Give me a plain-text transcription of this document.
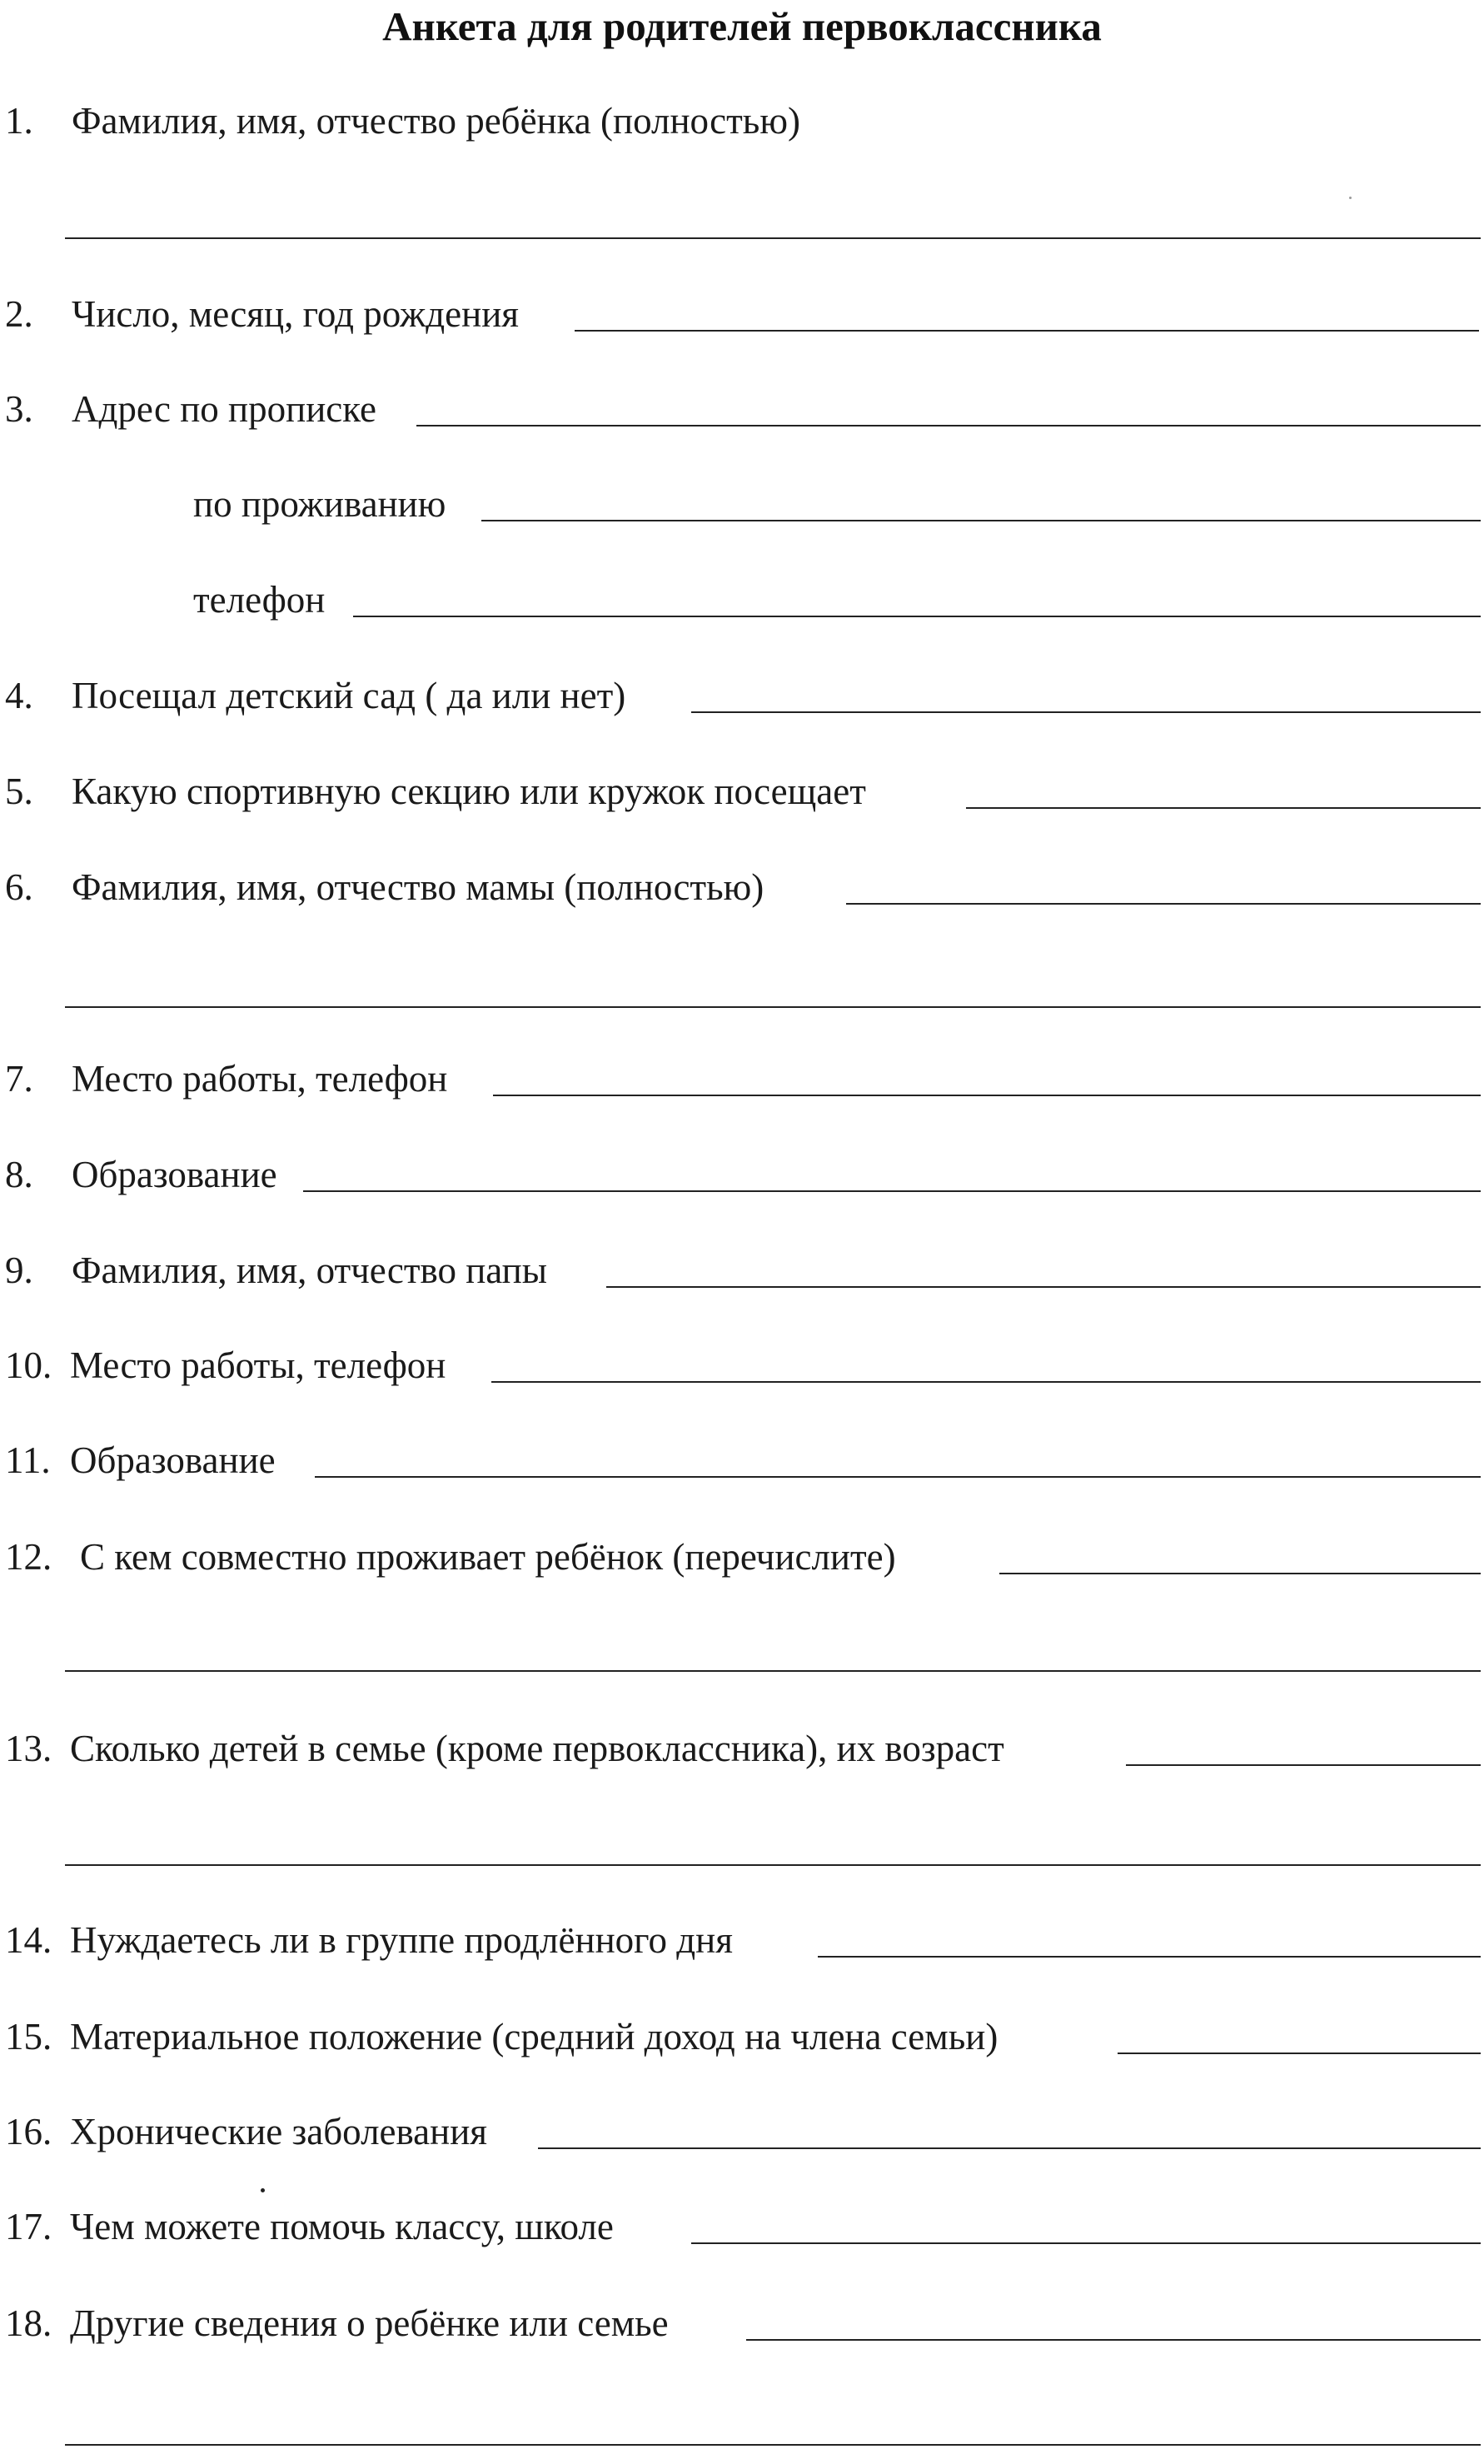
Анкета для родителей первоклассника
1. Фамилия, имя, отчество ребёнка (полностью)
2. Число, месяц, год рождения
3. Адрес по прописке
по проживанию
телефон
4. Посещал детский сад ( да или нет)
5. Какую спортивную секцию или кружок посещает
6. Фамилия, имя, отчество мамы (полностью)
7. Место работы, телефон
8. Образование
9. Фамилия, имя, отчество папы
10. Место работы, телефон
11. Образование
12. С кем совместно проживает ребёнок (перечислите)
13. Сколько детей в семье (кроме первоклассника), их возраст
14. Нуждаетесь ли в группе продлённого дня
15. Материальное положение (средний доход на члена семьи)
16. Хронические заболевания
17. Чем можете помочь классу, школе
18. Другие сведения о ребёнке или семье
